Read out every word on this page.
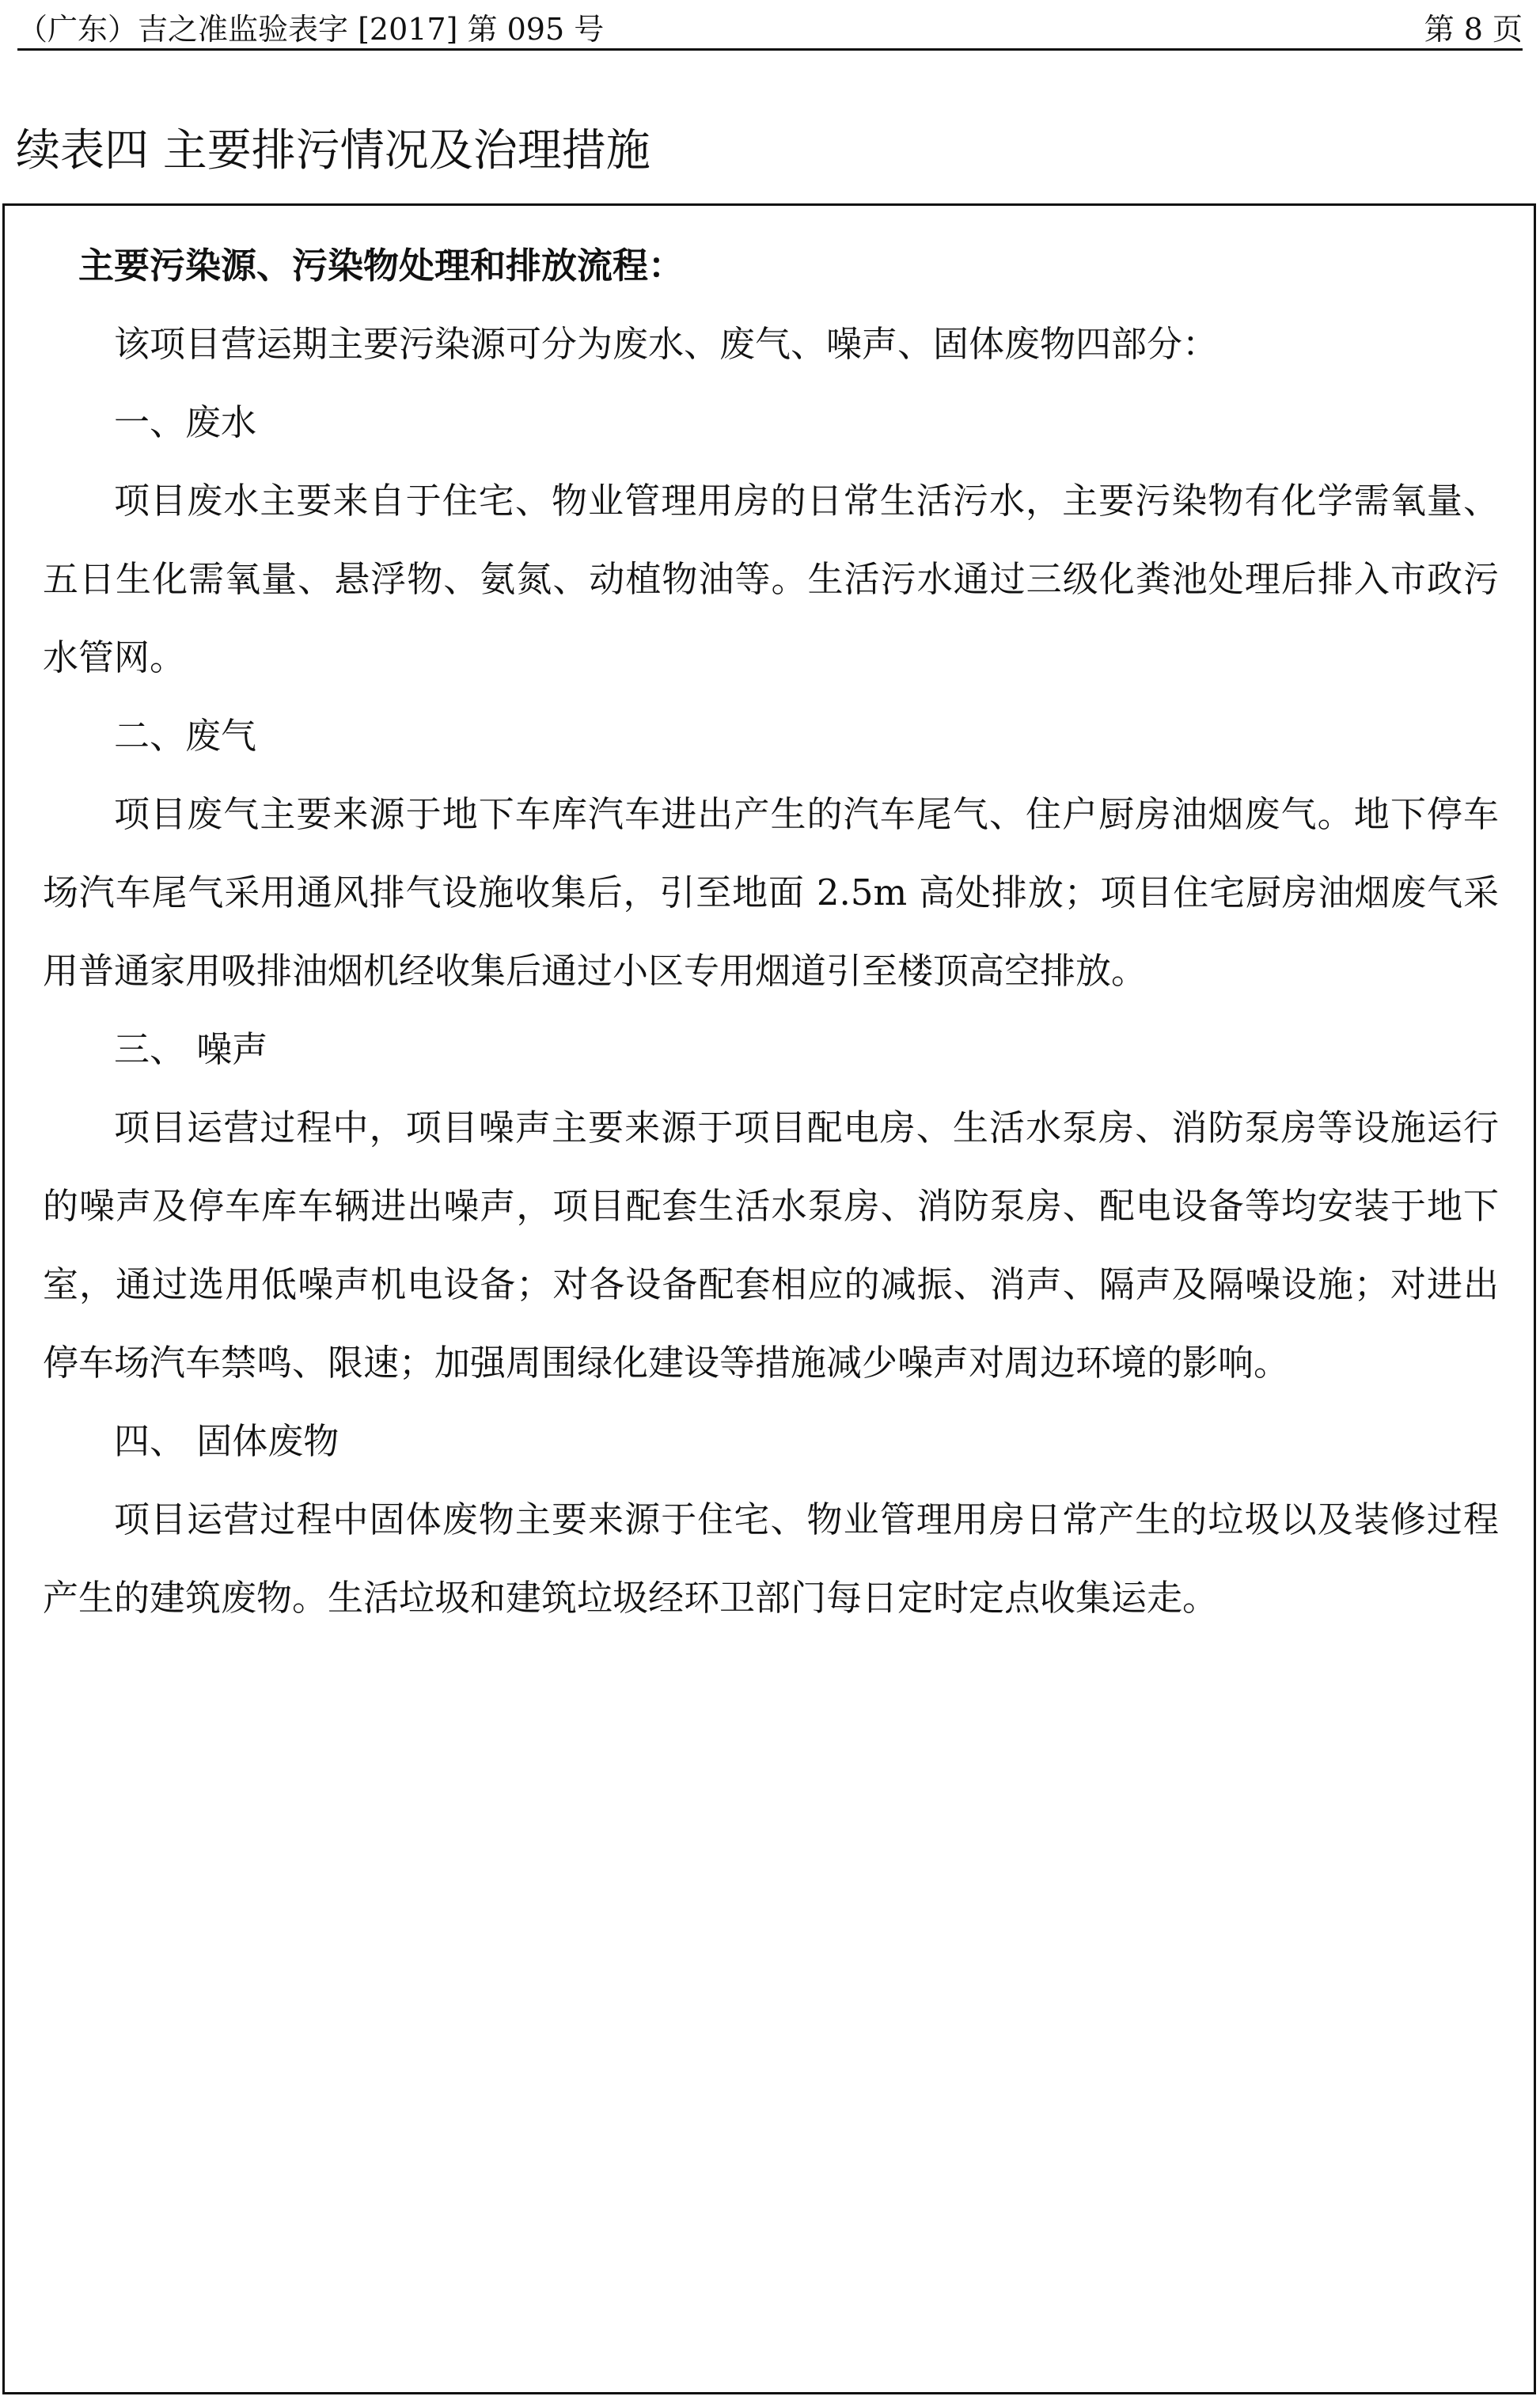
（广东）吉之准监验表字 [2017] 第 095 号	第 8 页
续表四 主要排污情况及治理措施

主要污染源、污染物处理和排放流程：

该项目营运期主要污染源可分为废水、废气、噪声、固体废物四部分：

一、废水

项目废水主要来自于住宅、物业管理用房的日常生活污水，主要污染物有化学需氧量、五日生化需氧量、悬浮物、氨氮、动植物油等。生活污水通过三级化粪池处理后排入市政污水管网。

二、废气

项目废气主要来源于地下车库汽车进出产生的汽车尾气、住户厨房油烟废气。地下停车场汽车尾气采用通风排气设施收集后，引至地面 2.5m 高处排放；项目住宅厨房油烟废气采用普通家用吸排油烟机经收集后通过小区专用烟道引至楼顶高空排放。

三、 噪声

项目运营过程中，项目噪声主要来源于项目配电房、生活水泵房、消防泵房等设施运行的噪声及停车库车辆进出噪声，项目配套生活水泵房、消防泵房、配电设备等均安装于地下室，通过选用低噪声机电设备；对各设备配套相应的减振、消声、隔声及隔噪设施；对进出停车场汽车禁鸣、限速；加强周围绿化建设等措施减少噪声对周边环境的影响。

四、 固体废物

项目运营过程中固体废物主要来源于住宅、物业管理用房日常产生的垃圾以及装修过程产生的建筑废物。生活垃圾和建筑垃圾经环卫部门每日定时定点收集运走。
